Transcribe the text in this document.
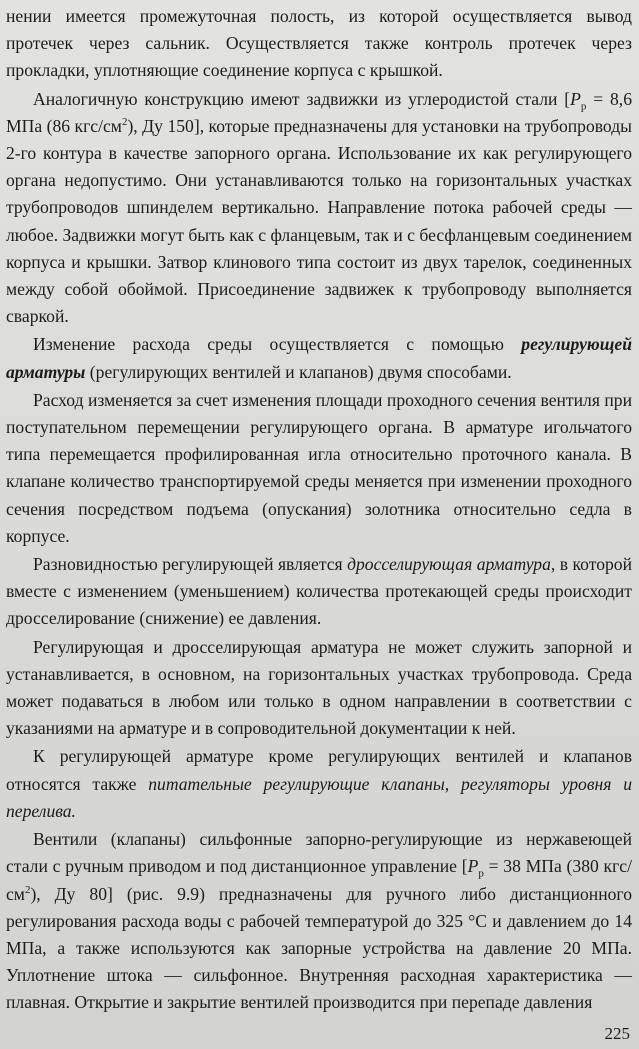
нении имеется промежуточная полость, из которой осуществляется вывод протечек через сальник. Осуществляется также контроль протечек через прокладки, уплотняющие соединение корпуса с крышкой.

Аналогичную конструкцию имеют задвижки из углеродистой стали [$P_р = 8,6$ МПа (86 кгс/$см^2$), Ду 150], которые предназначены для установки на трубопроводы 2-го контура в качестве запорного органа. Использование их как регулирующего органа недопустимо. Они устанавливаются только на горизонтальных участках трубопроводов шпинделем вертикально. Направление потока рабочей среды — любое. Задвижки могут быть как с фланцевым, так и с бесфланцевым соединением корпуса и крышки. Затвор клинового типа состоит из двух тарелок, соединенных между собой обоймой. Присоединение задвижек к трубопроводу выполняется сваркой.

Изменение расхода среды осуществляется с помощью регулирующей арматуры (регулирующих вентилей и клапанов) двумя способами.

Расход изменяется за счет изменения площади проходного сечения вентиля при поступательном перемещении регулирующего органа. В арматуре игольчатого типа перемещается профилированная игла относительно проточного канала. В клапане количество транспортируемой среды меняется при изменении проходного сечения посредством подъема (опускания) золотника относительно седла в корпусе.

Разновидностью регулирующей является дросселирующая арматура, в которой вместе с изменением (уменьшением) количества протекающей среды происходит дросселирование (снижение) ее давления.

Регулирующая и дросселирующая арматура не может служить запорной и устанавливается, в основном, на горизонтальных участках трубопровода. Среда может подаваться в любом или только в одном направлении в соответствии с указаниями на арматуре и в сопроводительной документации к ней.

К регулирующей арматуре кроме регулирующих вентилей и клапанов относятся также питательные регулирующие клапаны, регуляторы уровня и перелива.

Вентили (клапаны) сильфонные запорно-регулирующие из нержавеющей стали с ручным приводом и под дистанционное управление [$P_р = 38$ МПа (380 кгс/$см^2$), Ду 80] (рис. 9.9) предназначены для ручного либо дистанционного регулирования расхода воды с рабочей температурой до 325 °С и давлением до 14 МПа, а также используются как запорные устройства на давление 20 МПа. Уплотнение штока — сильфонное. Внутренняя расходная характеристика — плавная. Открытие и закрытие вентилей производится при перепаде давления

225
